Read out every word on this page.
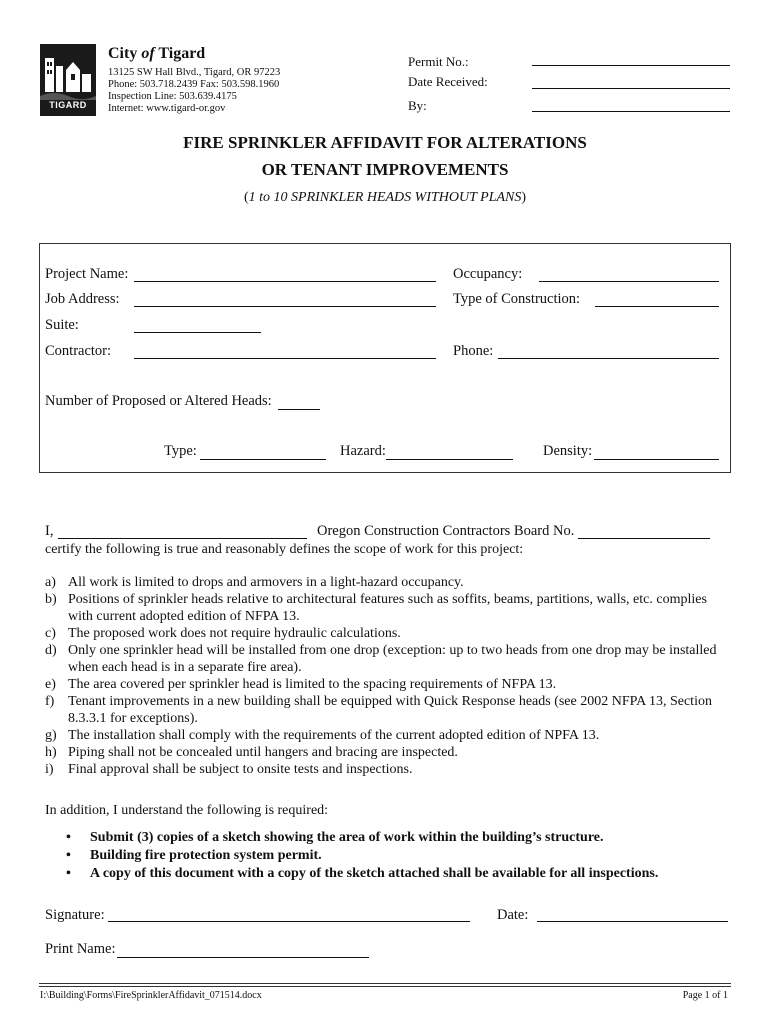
TIGARD
City of Tigard
13125 SW Hall Blvd., Tigard, OR 97223
Phone: 503.718.2439 Fax: 503.598.1960
Inspection Line: 503.639.4175
Internet: www.tigard-or.gov
Permit No.:
Date Received:
By:
FIRE SPRINKLER AFFIDAVIT FOR ALTERATIONS
OR TENANT IMPROVEMENTS
(1 to 10 SPRINKLER HEADS WITHOUT PLANS)
Project Name:	Occupancy:
Job Address:	Type of Construction:
Suite:
Contractor:	Phone:
Number of Proposed or Altered Heads:
Type:	Hazard:	Density:
I,	Oregon Construction Contractors Board No.
certify the following is true and reasonably defines the scope of work for this project:
a) All work is limited to drops and armovers in a light-hazard occupancy.
b) Positions of sprinkler heads relative to architectural features such as soffits, beams, partitions, walls, etc. complies with current adopted edition of NFPA 13.
c) The proposed work does not require hydraulic calculations.
d) Only one sprinkler head will be installed from one drop (exception: up to two heads from one drop may be installed when each head is in a separate fire area).
e) The area covered per sprinkler head is limited to the spacing requirements of NFPA 13.
f) Tenant improvements in a new building shall be equipped with Quick Response heads (see 2002 NFPA 13, Section 8.3.3.1 for exceptions).
g) The installation shall comply with the requirements of the current adopted edition of NPFA 13.
h) Piping shall not be concealed until hangers and bracing are inspected.
i) Final approval shall be subject to onsite tests and inspections.
In addition, I understand the following is required:
• Submit (3) copies of a sketch showing the area of work within the building’s structure.
• Building fire protection system permit.
• A copy of this document with a copy of the sketch attached shall be available for all inspections.
Signature:	Date:
Print Name:
I:\Building\Forms\FireSprinklerAffidavit_071514.docx	Page 1 of 1
